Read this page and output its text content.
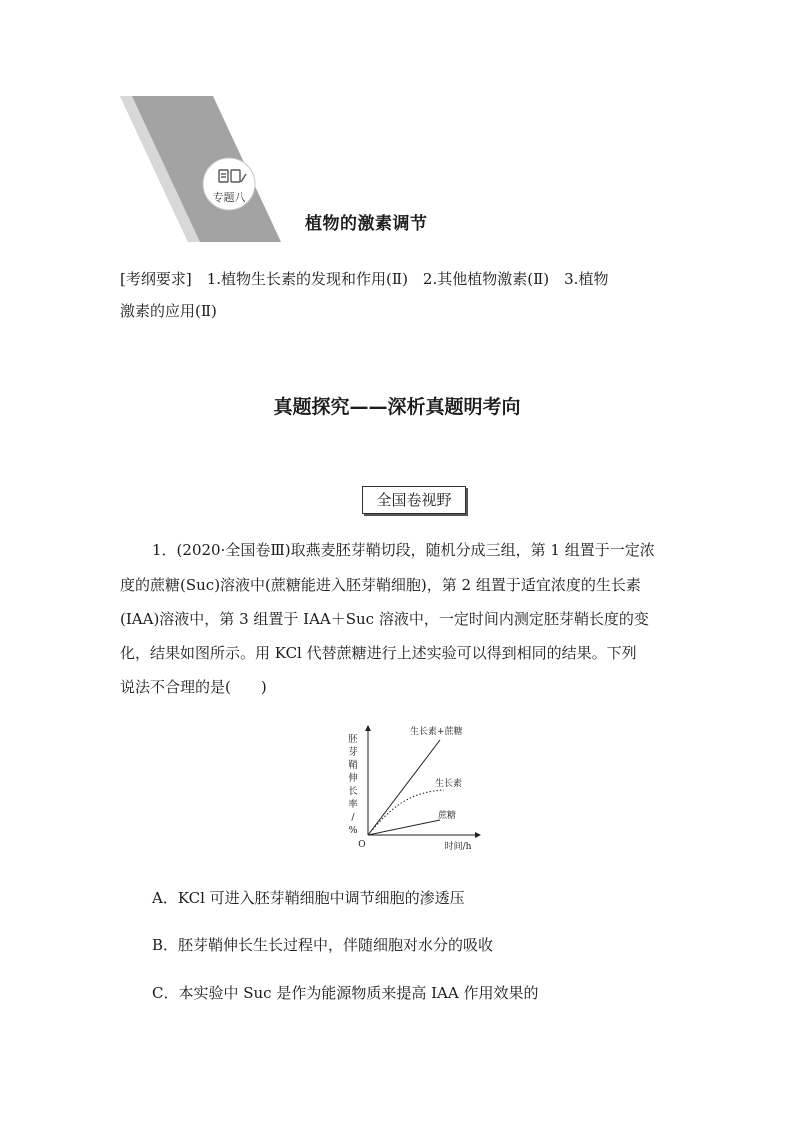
专题八
植物的激素调节
[考纲要求]　1.植物生长素的发现和作用(Ⅱ)　2.其他植物激素(Ⅱ)　3.植物
激素的应用(Ⅱ)
真题探究——深析真题明考向
全国卷视野
1．(2020·全国卷Ⅲ)取燕麦胚芽鞘切段，随机分成三组，第 1 组置于一定浓
度的蔗糖(Suc)溶液中(蔗糖能进入胚芽鞘细胞)，第 2 组置于适宜浓度的生长素
(IAA)溶液中，第 3 组置于 IAA＋Suc 溶液中，一定时间内测定胚芽鞘长度的变
化，结果如图所示。用 KCl 代替蔗糖进行上述实验可以得到相同的结果。下列
说法不合理的是(　　)
O
胚芽鞘伸长率/ %
时间/h
生长素+蔗糖
生长素
蔗糖
A．KCl 可进入胚芽鞘细胞中调节细胞的渗透压
B．胚芽鞘伸长生长过程中，伴随细胞对水分的吸收
C．本实验中 Suc 是作为能源物质来提高 IAA 作用效果的
